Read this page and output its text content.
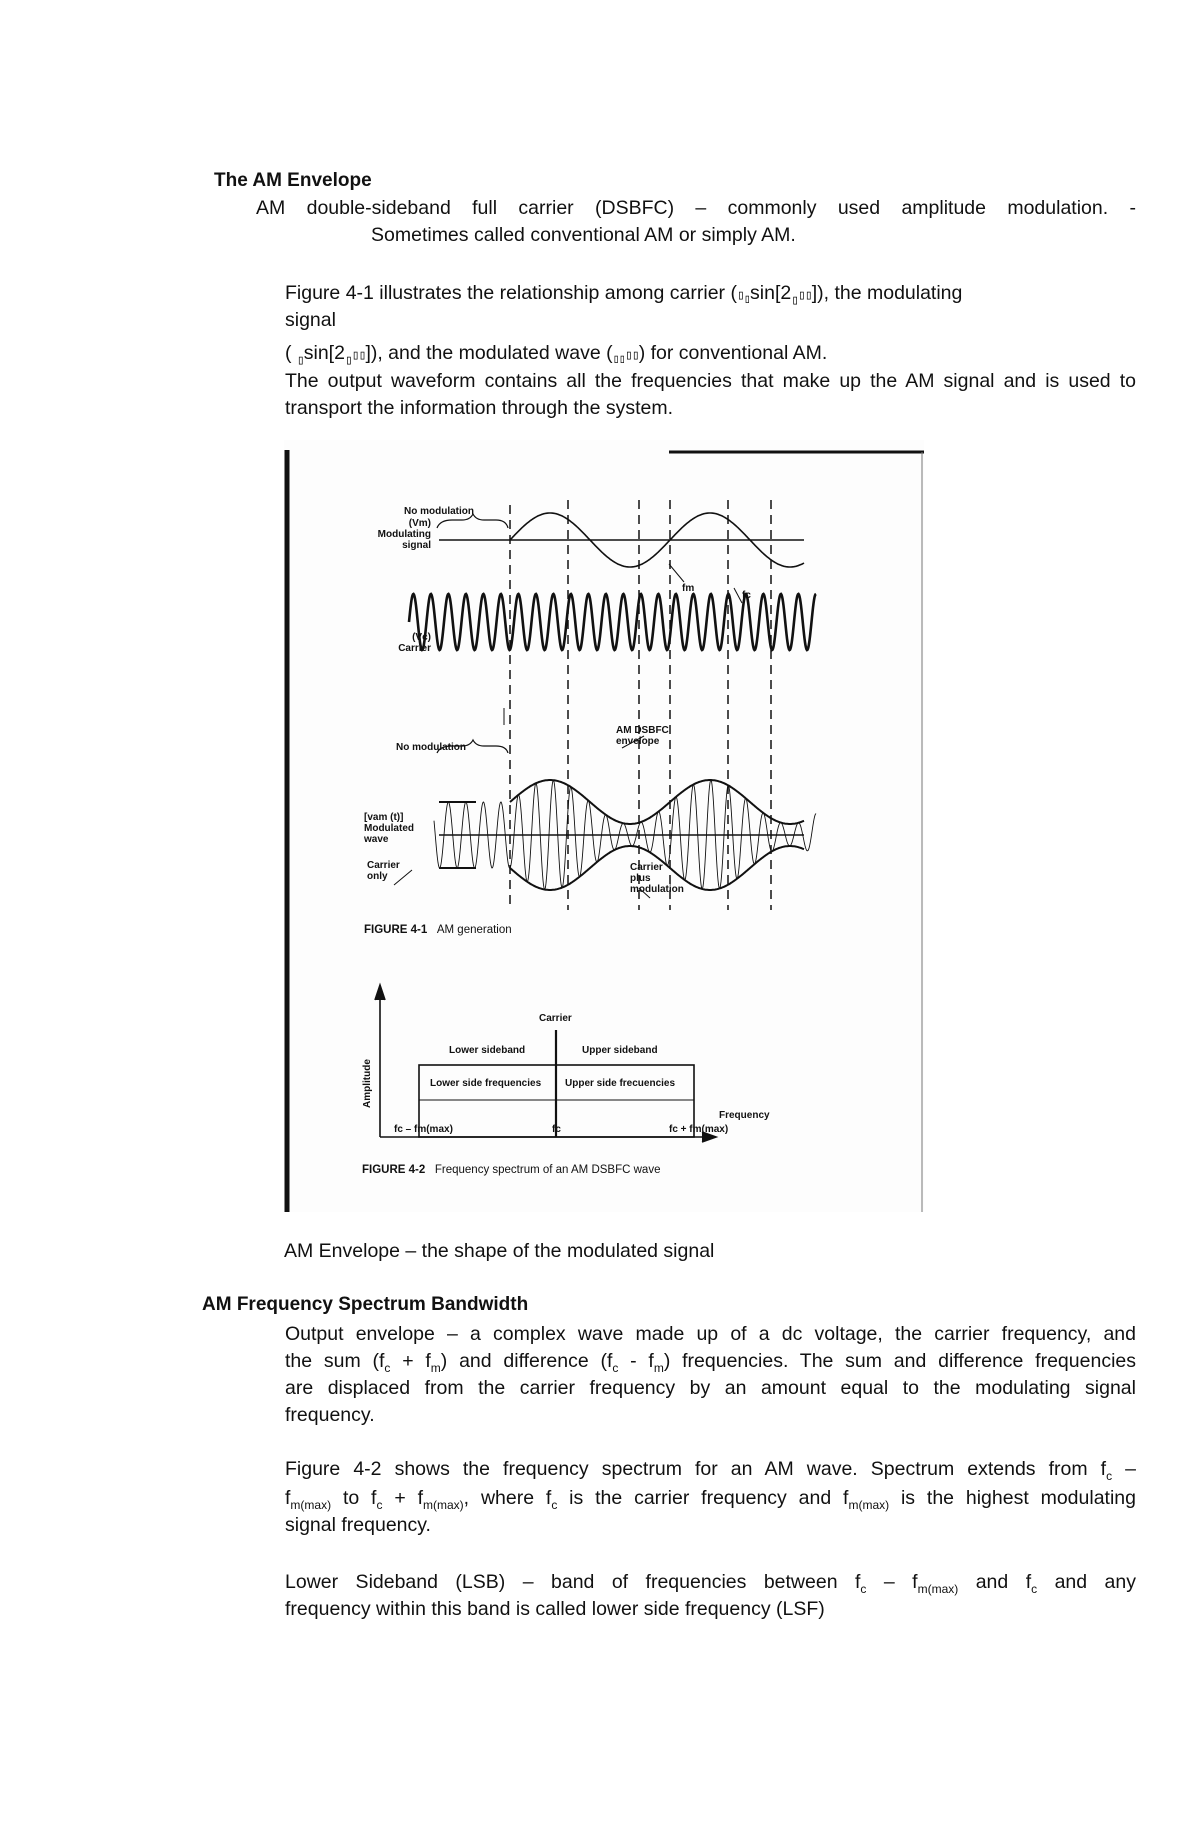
The AM Envelope
AM double-sideband full carrier (DSBFC) – commonly used amplitude modulation. -
Sometimes called conventional AM or simply AM.
Figure 4-1 illustrates the relationship among carrier $(▯_▯\sin[2_▯▯▯])$, the modulating
signal
( $_▯\sin[2_▯▯▯]$), and the modulated wave $(_{▯▯}▯▯)$ for conventional AM.
The output waveform contains all the frequencies that make up the AM signal and is used to transport the information through the system.
No modulation
(Vm)
Modulating
signal
fm
fc
(Vc)
Carrier
AM DSBFC
envelope
No modulation
[vam (t)]
Modulated
wave
Carrier
only
Carrier
plus
modulation
FIGURE 4-1 AM generation
Amplitude
Carrier
Lower sideband	Upper sideband
Lower side frequencies Upper side frecuencies
Frequency
fc – fm(max)	fc	fc + fm(max)
FIGURE 4-2 Frequency spectrum of an AM DSBFC wave
AM Envelope – the shape of the modulated signal
AM Frequency Spectrum Bandwidth
Output envelope – a complex wave made up of a dc voltage, the carrier frequency, and
the sum $(f_c + f_m)$ and difference $(f_c - f_m)$ frequencies. The sum and difference frequencies
are displaced from the carrier frequency by an amount equal to the modulating signal
frequency.
Figure 4-2 shows the frequency spectrum for an AM wave. Spectrum extends from $f_c$ –
$f_{m(max)}$ to $f_c + f_{m(max)}$, where $f_c$ is the carrier frequency and $f_{m(max)}$ is the highest modulating
signal frequency.
Lower Sideband (LSB) – band of frequencies between $f_c - f_{m(max)}$ and $f_c$ and any
frequency within this band is called lower side frequency (LSF)
